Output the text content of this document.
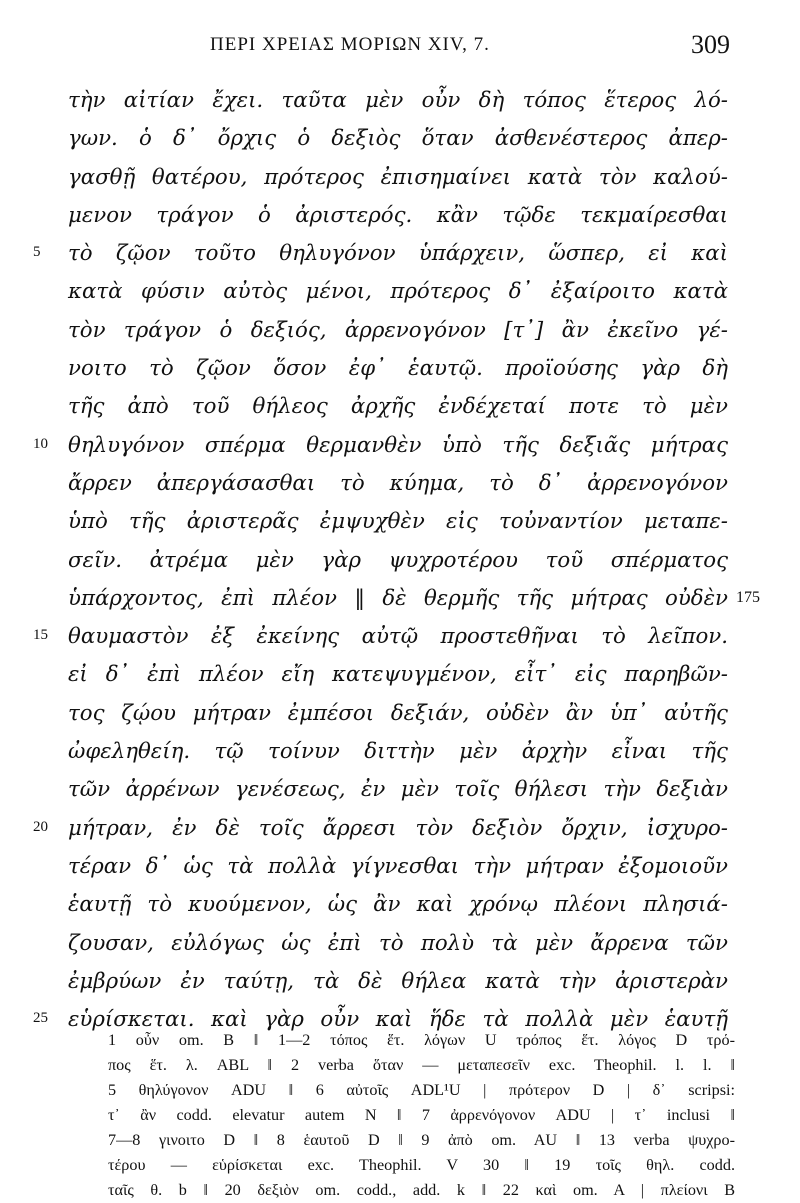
ΠΕΡΙ ΧΡΕΙΑΣ ΜΟΡΙΩΝ XIV, 7.	309
τὴν αἰτίαν ἔχει. ταῦτα μὲν οὖν δὴ τόπος ἕτερος λό-
γων. ὁ δ᾽ ὄρχις ὁ δεξιὸς ὅταν ἀσθενέστερος ἀπερ-
γασθῇ θατέρου, πρότερος ἐπισημαίνει κατὰ τὸν καλού-
μενον τράγον ὁ ἀριστερός. κἂν τῷδε τεκμαίρεσθαι
5 τὸ ζῷον τοῦτο θηλυγόνον ὑπάρχειν, ὥσπερ, εἰ καὶ
κατὰ φύσιν αὐτὸς μένοι, πρότερος δ᾽ ἐξαίροιτο κατὰ
τὸν τράγον ὁ δεξιός, ἀρρενογόνον [τ᾽] ἂν ἐκεῖνο γέ-
νοιτο τὸ ζῷον ὅσον ἐφ᾽ ἑαυτῷ. προϊούσης γὰρ δὴ
τῆς ἀπὸ τοῦ θήλεος ἀρχῆς ἐνδέχεταί ποτε τὸ μὲν
10 θηλυγόνον σπέρμα θερμανθὲν ὑπὸ τῆς δεξιᾶς μήτρας
ἄρρεν ἀπεργάσασθαι τὸ κύημα, τὸ δ᾽ ἀρρενογόνον
ὑπὸ τῆς ἀριστερᾶς ἐμψυχθὲν εἰς τοὐναντίον μεταπε-
σεῖν. ἀτρέμα μὲν γὰρ ψυχροτέρου τοῦ σπέρματος
ὑπάρχοντος, ἐπὶ πλέον ‖ δὲ θερμῆς τῆς μήτρας οὐδὲν 175
15 θαυμαστὸν ἐξ ἐκείνης αὐτῷ προστεθῆναι τὸ λεῖπον.
εἰ δ᾽ ἐπὶ πλέον εἴη κατεψυγμένον, εἶτ᾽ εἰς παρηβῶν-
τος ζῴου μήτραν ἐμπέσοι δεξιάν, οὐδὲν ἂν ὑπ᾽ αὐτῆς
ὠφεληθείη. τῷ τοίνυν διττὴν μὲν ἀρχὴν εἶναι τῆς
τῶν ἀρρένων γενέσεως, ἐν μὲν τοῖς θήλεσι τὴν δεξιὰν
20 μήτραν, ἐν δὲ τοῖς ἄρρεσι τὸν δεξιὸν ὄρχιν, ἰσχυρο-
τέραν δ᾽ ὡς τὰ πολλὰ γίγνεσθαι τὴν μήτραν ἐξομοιοῦν
ἑαυτῇ τὸ κυούμενον, ὡς ἂν καὶ χρόνῳ πλέονι πλησιά-
ζουσαν, εὐλόγως ὡς ἐπὶ τὸ πολὺ τὰ μὲν ἄρρενα τῶν
ἐμβρύων ἐν ταύτῃ, τὰ δὲ θήλεα κατὰ τὴν ἀριστερὰν
25 εὑρίσκεται. καὶ γὰρ οὖν καὶ ἥδε τὰ πολλὰ μὲν ἑαυτῇ
1 οὖν om. B ‖ 1—2 τόπος ἕτ. λόγων U τρόπος ἕτ. λόγος D τρό-
πος ἕτ. λ. ABL ‖ 2 verba ὅταν — μεταπεσεῖν exc. Theophil. l. l. ‖
5 θηλύγονον ADU ‖ 6 αὐτοῖς ADL¹U | πρότερον D | δ᾽ scripsi:
τ᾽ ἂν codd. elevatur autem N ‖ 7 ἀρρενόγονον ADU | τ᾽ inclusi ‖
7—8 γινοιτο D ‖ 8 ἑαυτοῦ D ‖ 9 ἀπὸ om. AU ‖ 13 verba ψυχρο-
τέρου — εὑρίσκεται exc. Theophil. V 30 ‖ 19 τοῖς θηλ. codd.
ταῖς θ. b ‖ 20 δεξιὸν om. codd., add. k ‖ 22 καὶ om. A | πλείονι B
